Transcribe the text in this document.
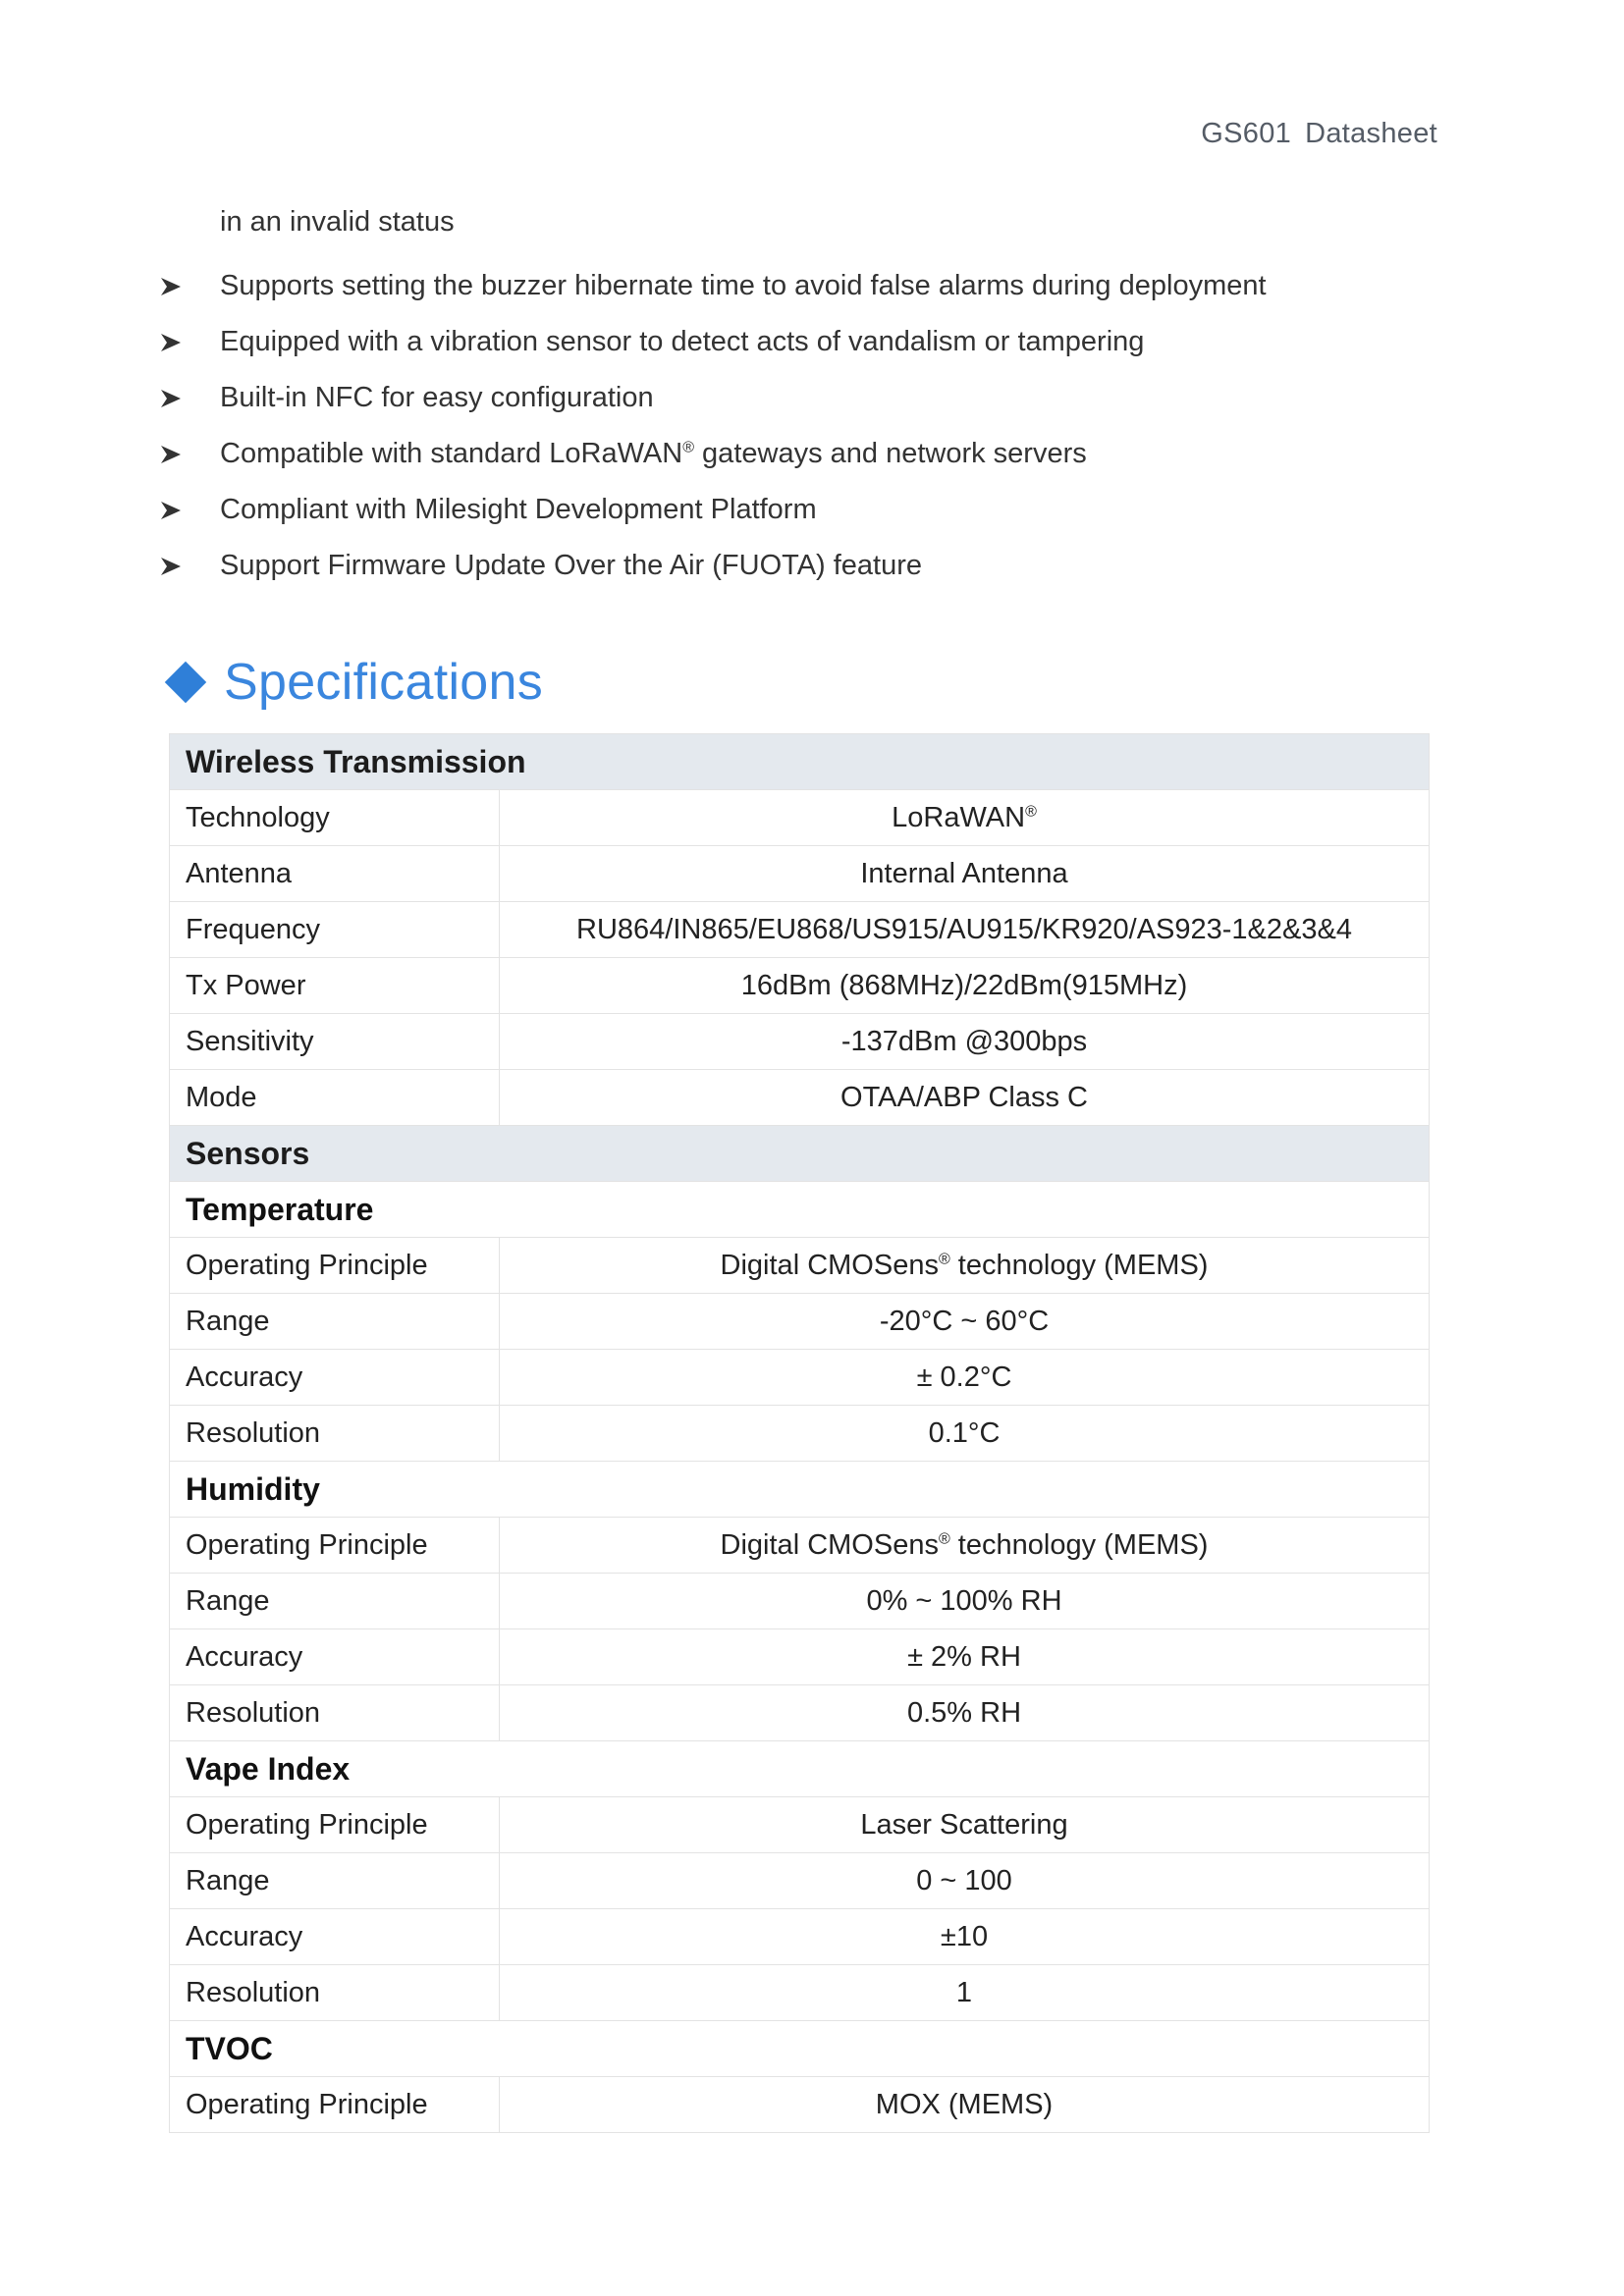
GS601 Datasheet
in an invalid status
Supports setting the buzzer hibernate time to avoid false alarms during deployment
Equipped with a vibration sensor to detect acts of vandalism or tampering
Built-in NFC for easy configuration
Compatible with standard LoRaWAN® gateways and network servers
Compliant with Milesight Development Platform
Support Firmware Update Over the Air (FUOTA) feature
Specifications
Wireless Transmission	
Technology	LoRaWAN®
Antenna	Internal Antenna
Frequency	RU864/IN865/EU868/US915/AU915/KR920/AS923-1&2&3&4
Tx Power	16dBm (868MHz)/22dBm(915MHz)
Sensitivity	-137dBm @300bps
Mode	OTAA/ABP Class C
Sensors	
Temperature	
Operating Principle	Digital CMOSens® technology (MEMS)
Range	-20°C ~ 60°C
Accuracy	± 0.2°C
Resolution	0.1°C
Humidity	
Operating Principle	Digital CMOSens® technology (MEMS)
Range	0% ~ 100% RH
Accuracy	± 2% RH
Resolution	0.5% RH
Vape Index	
Operating Principle	Laser Scattering
Range	0 ~ 100
Accuracy	±10
Resolution	1
TVOC	
Operating Principle	MOX (MEMS)
